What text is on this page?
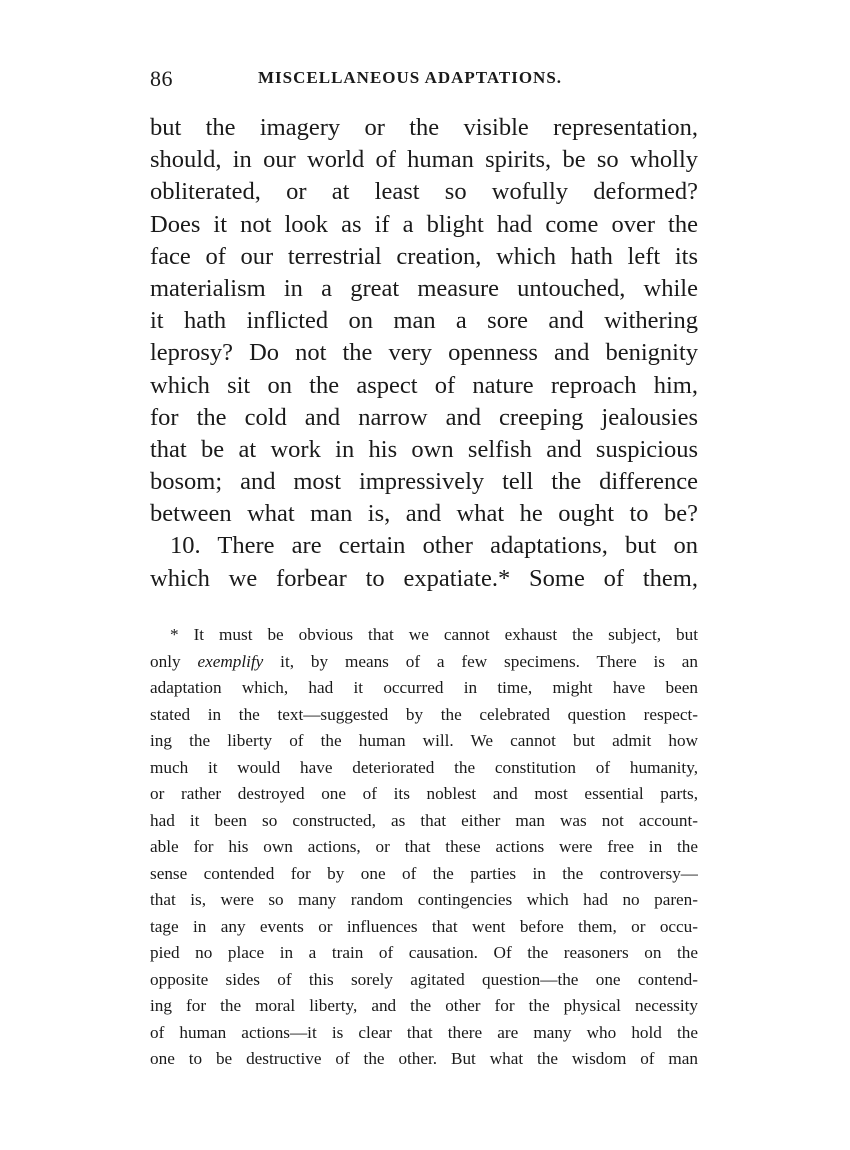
86	MISCELLANEOUS ADAPTATIONS.
but the imagery or the visible representation,
should, in our world of human spirits, be so wholly
obliterated, or at least so wofully deformed?
Does it not look as if a blight had come over the
face of our terrestrial creation, which hath left its
materialism in a great measure untouched, while
it hath inflicted on man a sore and withering
leprosy? Do not the very openness and benignity
which sit on the aspect of nature reproach him,
for the cold and narrow and creeping jealousies
that be at work in his own selfish and suspicious
bosom; and most impressively tell the difference
between what man is, and what he ought to be?
10. There are certain other adaptations, but on
which we forbear to expatiate.* Some of them,
* It must be obvious that we cannot exhaust the subject, but
only exemplify it, by means of a few specimens. There is an
adaptation which, had it occurred in time, might have been
stated in the text—suggested by the celebrated question respect-
ing the liberty of the human will. We cannot but admit how
much it would have deteriorated the constitution of humanity,
or rather destroyed one of its noblest and most essential parts,
had it been so constructed, as that either man was not account-
able for his own actions, or that these actions were free in the
sense contended for by one of the parties in the controversy—
that is, were so many random contingencies which had no paren-
tage in any events or influences that went before them, or occu-
pied no place in a train of causation. Of the reasoners on the
opposite sides of this sorely agitated question—the one contend-
ing for the moral liberty, and the other for the physical necessity
of human actions—it is clear that there are many who hold the
one to be destructive of the other. But what the wisdom of man
